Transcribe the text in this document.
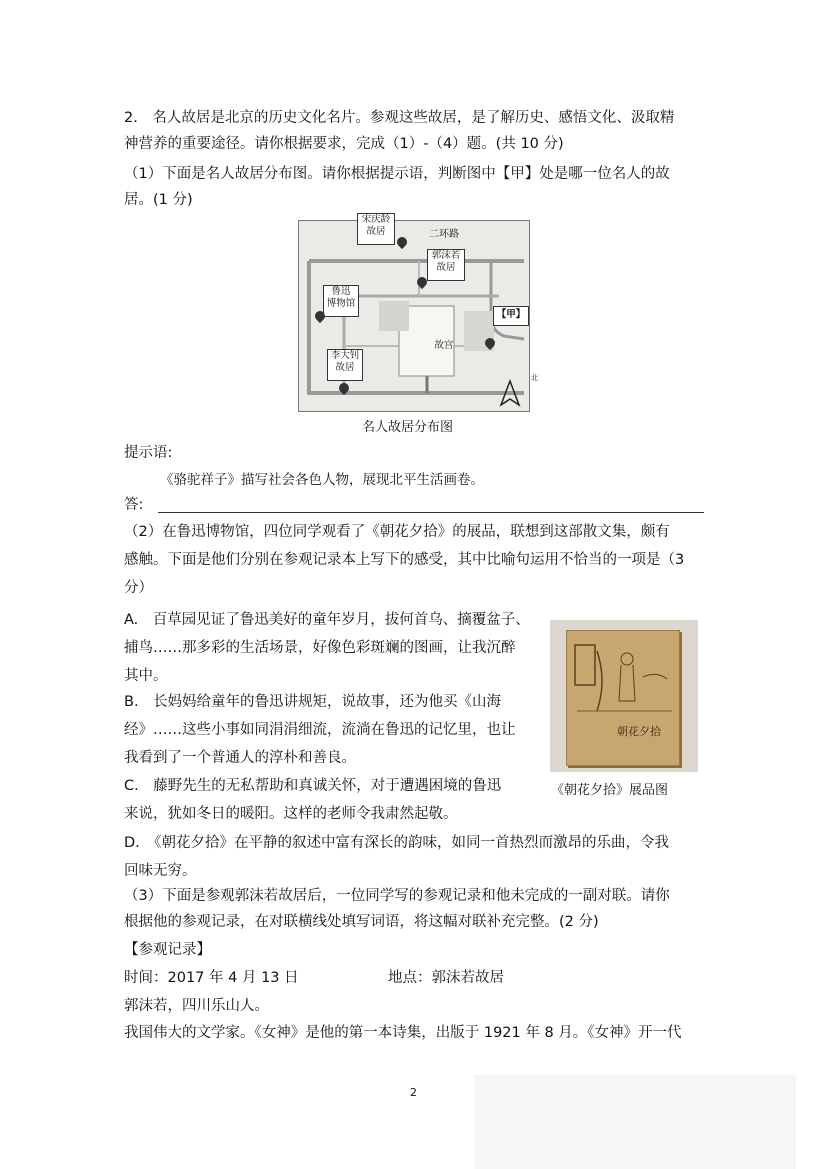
2.　名人故居是北京的历史文化名片。参观这些故居，是了解历史、感悟文化、汲取精
神营养的重要途径。请你根据要求，完成（1）-（4）题。(共 10 分)
（1）下面是名人故居分布图。请你根据提示语，判断图中【甲】处是哪一位名人的故
居。(1 分)
二环路
宋庆龄
故居
郭沫若
故居
鲁迅
博物馆
【甲】
故宫
李大钊
故居
北
名人故居分布图
提示语:
《骆驼祥子》描写社会各色人物，展现北平生活画卷。
答:
（2）在鲁迅博物馆，四位同学观看了《朝花夕拾》的展品，联想到这部散文集，颇有
感触。下面是他们分别在参观记录本上写下的感受，其中比喻句运用不恰当的一项是（3
分）
A.　百草园见证了鲁迅美好的童年岁月，拔何首乌、摘覆盆子、
捕鸟……那多彩的生活场景，好像色彩斑斓的图画，让我沉醉
其中。
B.　长妈妈给童年的鲁迅讲规矩，说故事，还为他买《山海
经》……这些小事如同涓涓细流，流淌在鲁迅的记忆里，也让
我看到了一个普通人的淳朴和善良。
C.　藤野先生的无私帮助和真诚关怀，对于遭遇困境的鲁迅
来说，犹如冬日的暖阳。这样的老师令我肃然起敬。
D.　《朝花夕拾》在平静的叙述中富有深长的韵味，如同一首热烈而激昂的乐曲，令我
回味无穷。
朝花夕拾
《朝花夕拾》展品图
（3）下面是参观郭沫若故居后，一位同学写的参观记录和他未完成的一副对联。请你
根据他的参观记录，在对联横线处填写词语，将这幅对联补充完整。(2 分)
【参观记录】
时间：2017 年 4 月 13 日	地点：郭沫若故居
郭沫若，四川乐山人。
我国伟大的文学家。《女神》是他的第一本诗集，出版于 1921 年 8 月。《女神》开一代
2
